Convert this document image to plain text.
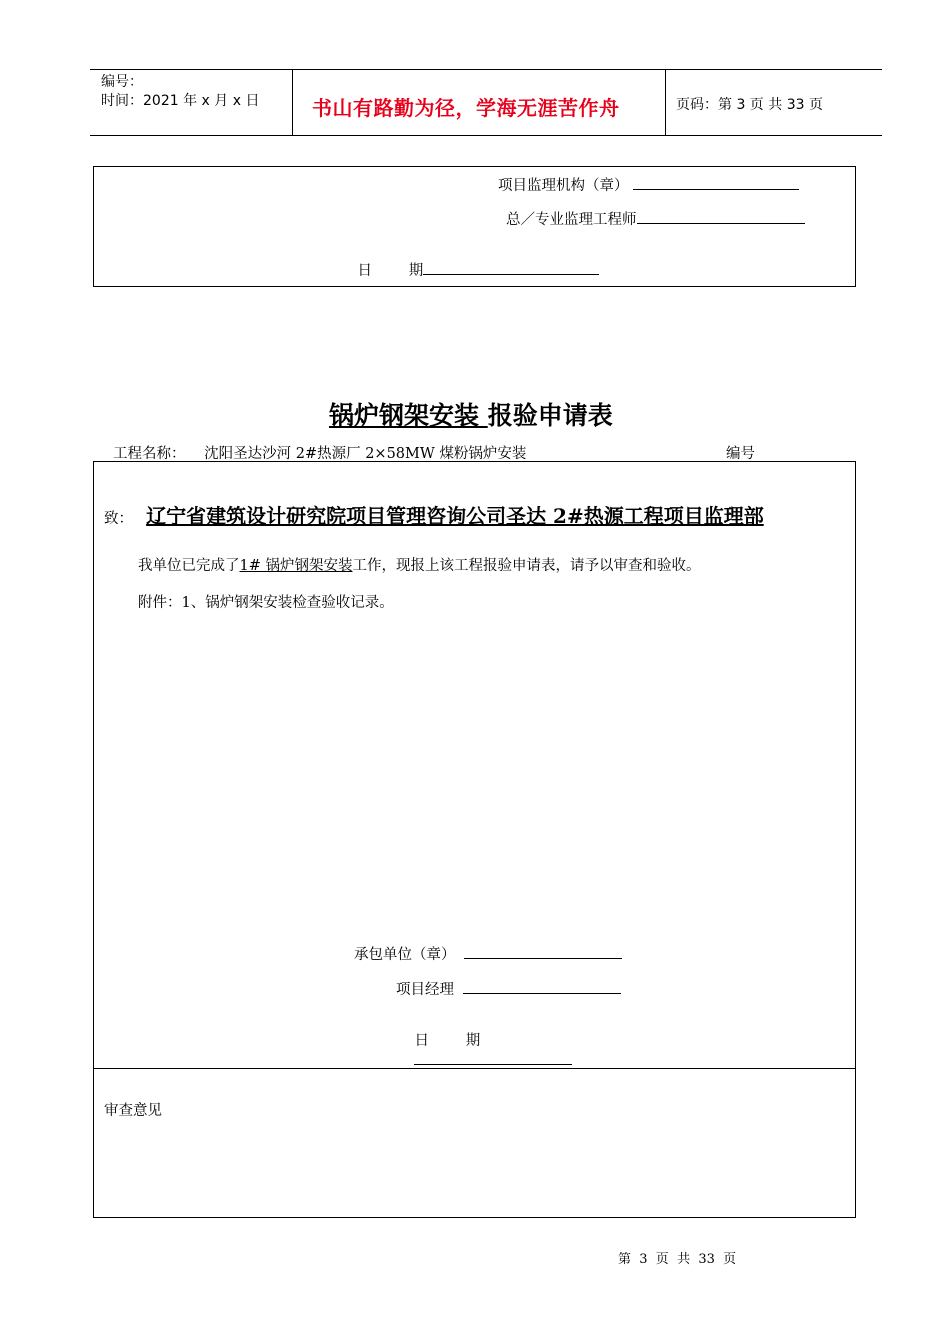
编号：
时间：2021 年 x 月 x 日	书山有路勤为径，学海无涯苦作舟	页码：第 3 页 共 33 页
项目监理机构（章）
总／专业监理工程师

日        期

锅炉钢架安装 报验申请表
工程名称： 沈阳圣达沙河 2#热源厂 2×58MW 煤粉锅炉安装	编号
致： 辽宁省建筑设计研究院项目管理咨询公司圣达 2#热源工程项目监理部
我单位已完成了1# 锅炉钢架安装工作，现报上该工程报验申请表，请予以审查和验收。
附件：1、锅炉钢架安装检查验收记录。
承包单位（章）
项目经理

日        期

审查意见
第  3  页  共  33  页
